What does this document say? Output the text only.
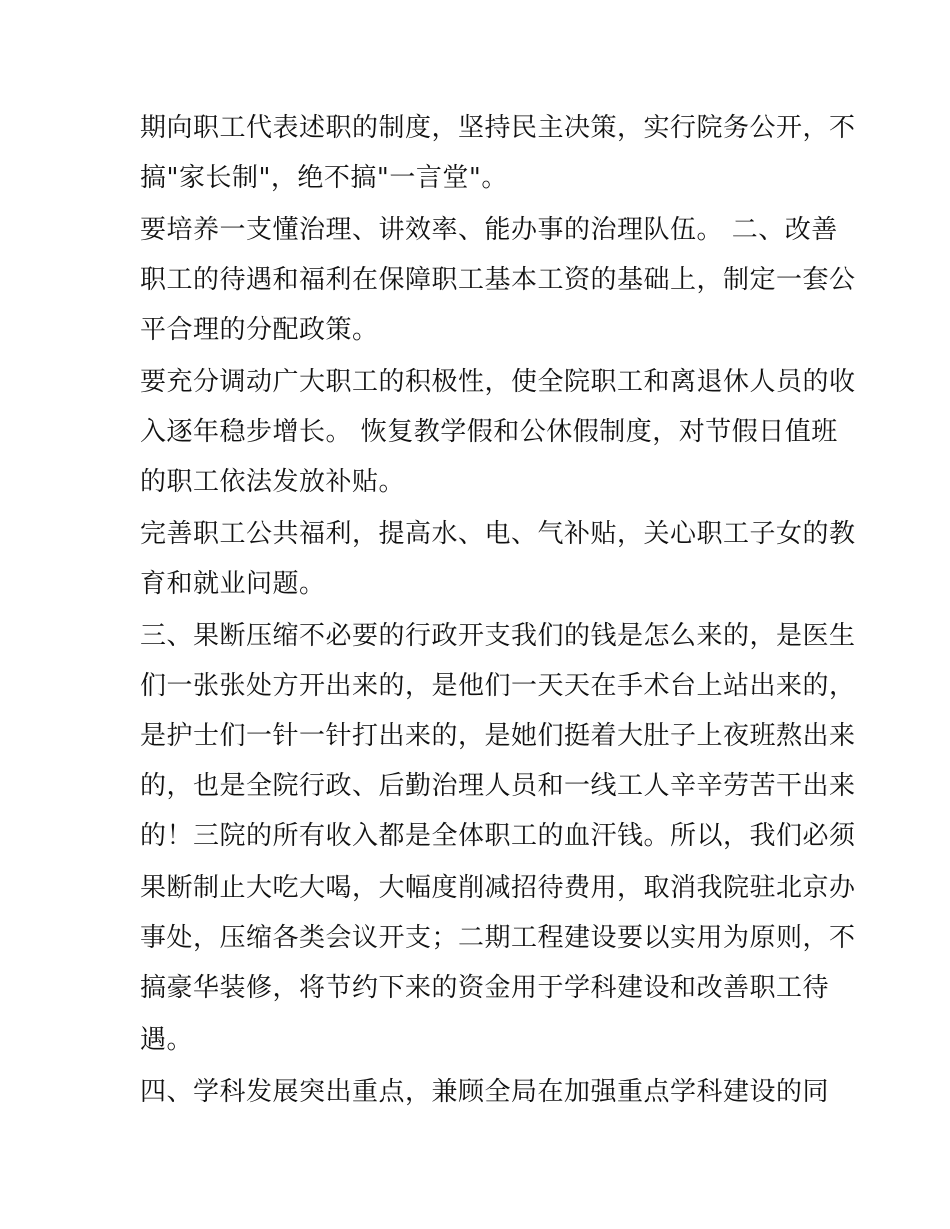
期向职工代表述职的制度，坚持民主决策，实行院务公开，不
搞"家长制"，绝不搞"一言堂"。
要培养一支懂治理、讲效率、能办事的治理队伍。 二、改善
职工的待遇和福利在保障职工基本工资的基础上，制定一套公
平合理的分配政策。
要充分调动广大职工的积极性，使全院职工和离退休人员的收
入逐年稳步增长。 恢复教学假和公休假制度，对节假日值班
的职工依法发放补贴。
完善职工公共福利，提高水、电、气补贴，关心职工子女的教
育和就业问题。
三、果断压缩不必要的行政开支我们的钱是怎么来的，是医生
们一张张处方开出来的，是他们一天天在手术台上站出来的，
是护士们一针一针打出来的，是她们挺着大肚子上夜班熬出来
的，也是全院行政、后勤治理人员和一线工人辛辛劳苦干出来
的！三院的所有收入都是全体职工的血汗钱。所以，我们必须
果断制止大吃大喝，大幅度削减招待费用，取消我院驻北京办
事处，压缩各类会议开支；二期工程建设要以实用为原则，不
搞豪华装修，将节约下来的资金用于学科建设和改善职工待
遇。
四、学科发展突出重点，兼顾全局在加强重点学科建设的同
